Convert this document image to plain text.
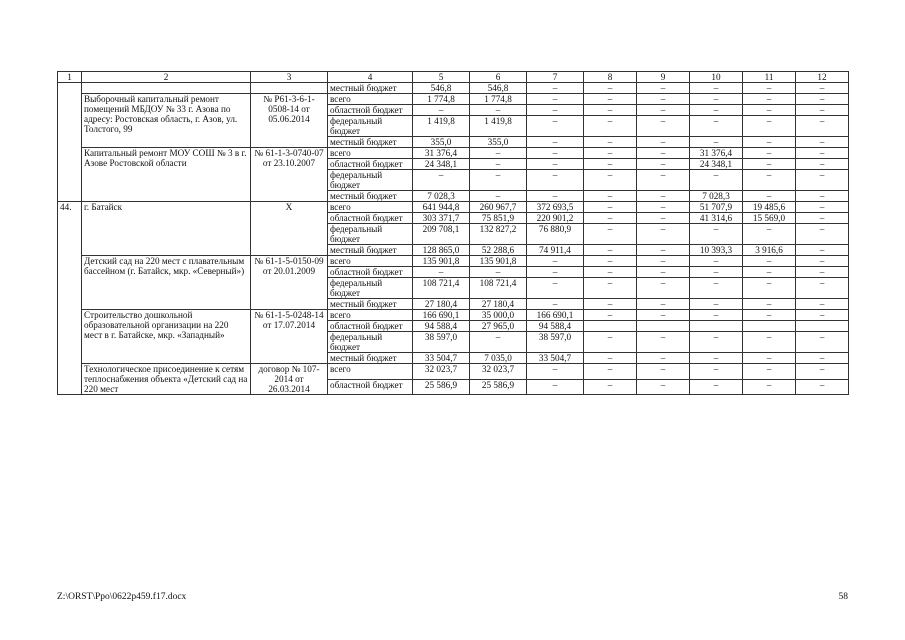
1	2	3	4	5	6	7	8	9	10	11	12
			местный бюджет	546,8	546,8	–	–	–	–	–	–
	Выборочный капитальный ремонт помещений МБДОУ № 33 г. Азова по адресу: Ростовская область, г. Азов, ул. Толстого, 99	№ Р61-3-6-1-0508-14 от 05.06.2014	всего	1 774,8	1 774,8	–	–	–	–	–	–
			областной бюджет	–	–	–	–	–	–	–	–
			федеральный бюджет	1 419,8	1 419,8	–	–	–	–	–	–
			местный бюджет	355,0	355,0	–	–	–	–	–	–
	Капитальный ремонт МОУ СОШ № 3 в г. Азове Ростовской области	№ 61-1-3-0740-07 от 23.10.2007	всего	31 376,4	–	–	–	–	31 376,4	–	–
			областной бюджет	24 348,1	–	–	–	–	24 348,1	–	–
			федеральный бюджет	–	–	–	–	–	–	–	–
			местный бюджет	7 028,3	–	–	–	–	7 028,3	–	–
44.	г. Батайск	Х	всего	641 944,8	260 967,7	372 693,5	–	–	51 707,9	19 485,6	–
			областной бюджет	303 371,7	75 851,9	220 901,2	–	–	41 314,6	15 569,0	–
			федеральный бюджет	209 708,1	132 827,2	76 880,9	–	–	–	–	–
			местный бюджет	128 865,0	52 288,6	74 911,4	–	–	10 393,3	3 916,6	–
	Детский сад на 220 мест с плавательным бассейном (г. Батайск, мкр. «Северный»)	№ 61-1-5-0150-09 от 20.01.2009	всего	135 901,8	135 901,8	–	–	–	–	–	–
			областной бюджет	–	–	–	–	–	–	–	–
			федеральный бюджет	108 721,4	108 721,4	–	–	–	–	–	–
			местный бюджет	27 180,4	27 180,4	–	–	–	–	–	–
	Строительство дошкольной образовательной организации на 220 мест в г. Батайске, мкр. «Западный»	№ 61-1-5-0248-14 от 17.07.2014	всего	166 690,1	35 000,0	166 690,1	–	–	–	–	–
			областной бюджет	94 588,4	27 965,0	94 588,4					
			федеральный бюджет	38 597,0	–	38 597,0	–	–	–	–	–
			местный бюджет	33 504,7	7 035,0	33 504,7	–	–	–	–	–
	Технологическое присоединение к сетям теплоснабжения объекта «Детский сад на 220 мест	договор № 107-2014 от 26.03.2014	всего	32 023,7	32 023,7	–	–	–	–	–	–
			областной бюджет	25 586,9	25 586,9	–	–	–	–	–	–
Z:\ORST\Ppo\0622p459.f17.docx	58
